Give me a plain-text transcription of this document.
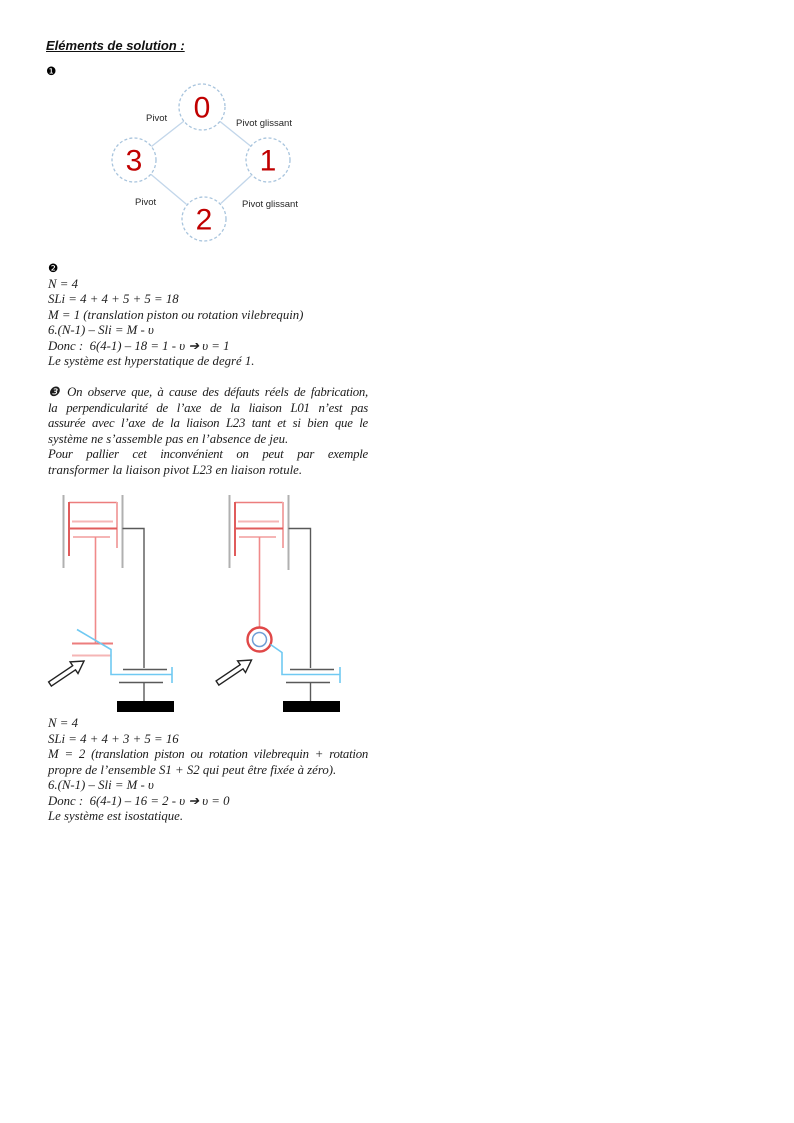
Eléments de solution :
❶
0
3	1
2
Pivot	Pivot glissant
Pivot	Pivot glissant
❷
N = 4
SLi = 4 + 4 + 5 + 5 = 18
M = 1 (translation piston ou rotation vilebrequin)
6.(N-1) – Sli = M - υ
Donc :  6(4-1) – 18 = 1 - υ ➔ υ = 1
Le système est hyperstatique de degré 1.
❸ On observe que, à cause des défauts réels de fabrication,
la perpendicularité de l’axe de la liaison L01 n’est pas
assurée avec l’axe de la liaison L23 tant et si bien que le
système ne s’assemble pas en l’absence de jeu.
Pour pallier cet inconvénient on peut par exemple
transformer la liaison pivot L23 en liaison rotule.
N = 4
SLi = 4 + 4 + 3 + 5 = 16
M = 2 (translation piston ou rotation vilebrequin + rotation
propre de l’ensemble S1 + S2 qui peut être fixée à zéro).
6.(N-1) – Sli = M - υ
Donc :  6(4-1) – 16 = 2 - υ ➔ υ = 0
Le système est isostatique.
